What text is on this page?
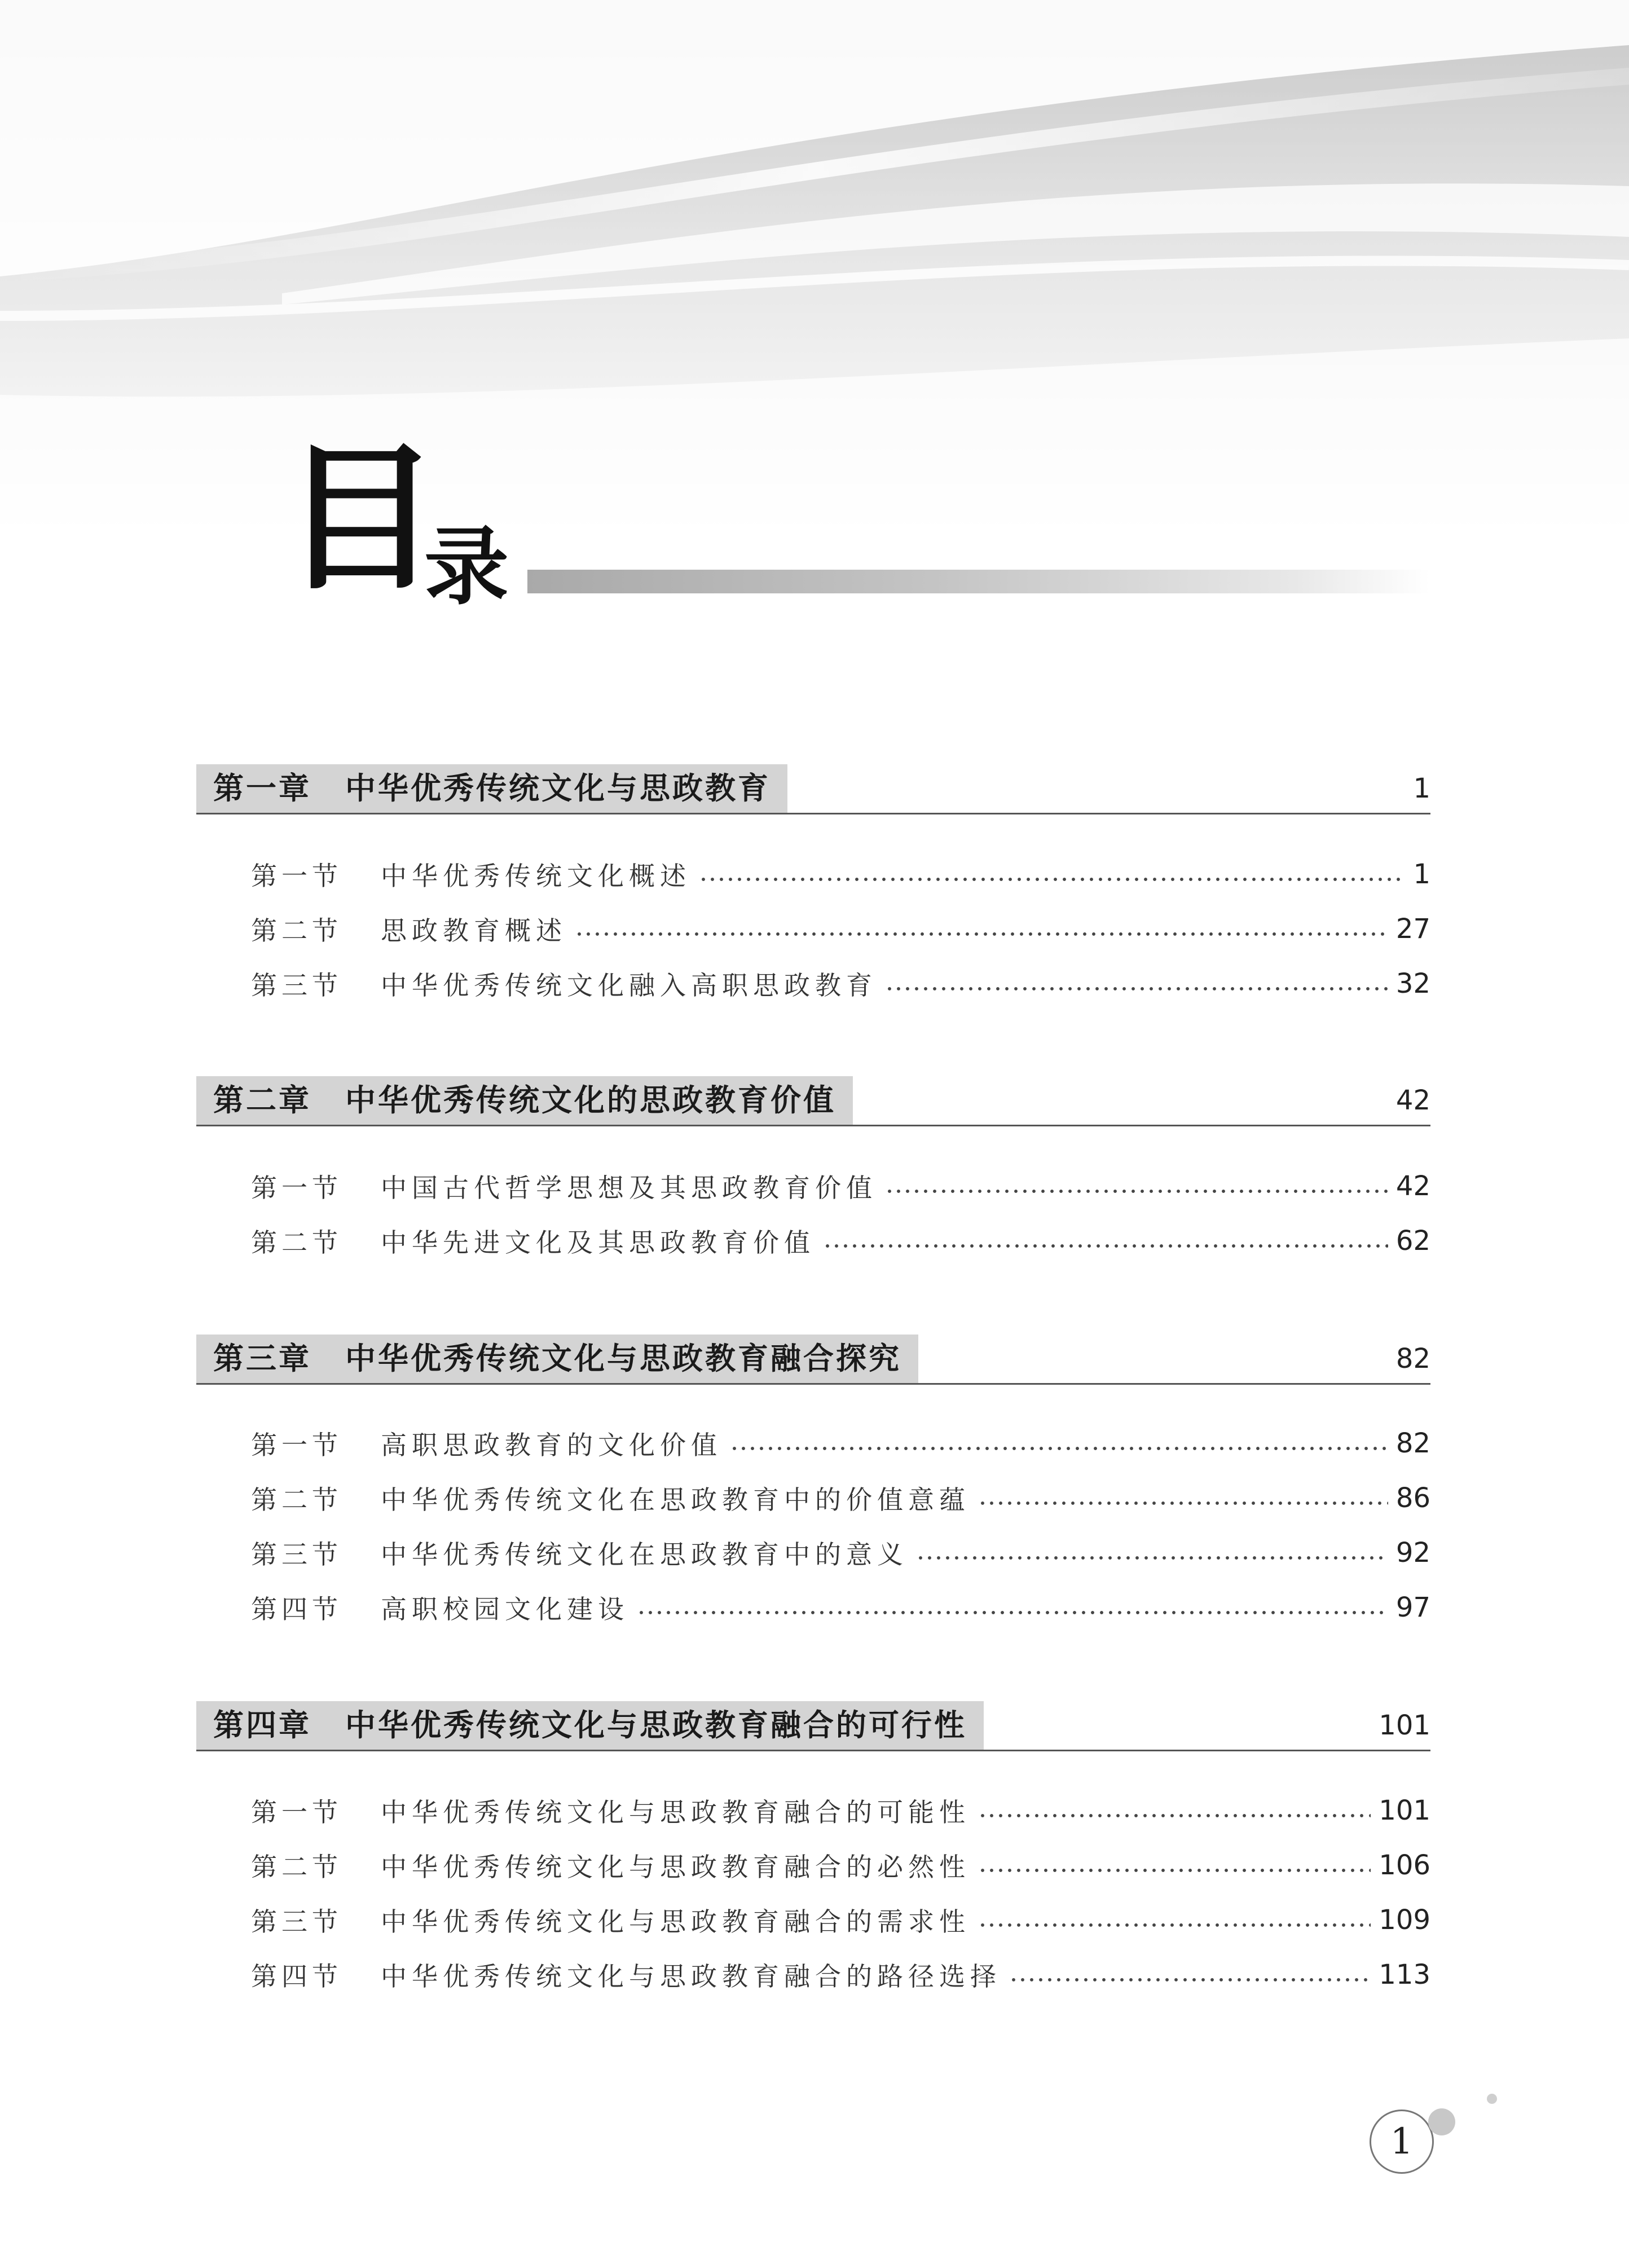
目
录
第一章 中华优秀传统文化与思政教育	1
第一节	中华优秀传统文化概述	1
第二节	思政教育概述	27
第三节	中华优秀传统文化融入高职思政教育	32
第二章 中华优秀传统文化的思政教育价值	42
第一节	中国古代哲学思想及其思政教育价值	42
第二节	中华先进文化及其思政教育价值	62
第三章 中华优秀传统文化与思政教育融合探究	82
第一节	高职思政教育的文化价值	82
第二节	中华优秀传统文化在思政教育中的价值意蕴	86
第三节	中华优秀传统文化在思政教育中的意义	92
第四节	高职校园文化建设	97
第四章 中华优秀传统文化与思政教育融合的可行性	101
第一节	中华优秀传统文化与思政教育融合的可能性	101
第二节	中华优秀传统文化与思政教育融合的必然性	106
第三节	中华优秀传统文化与思政教育融合的需求性	109
第四节	中华优秀传统文化与思政教育融合的路径选择	113
1
